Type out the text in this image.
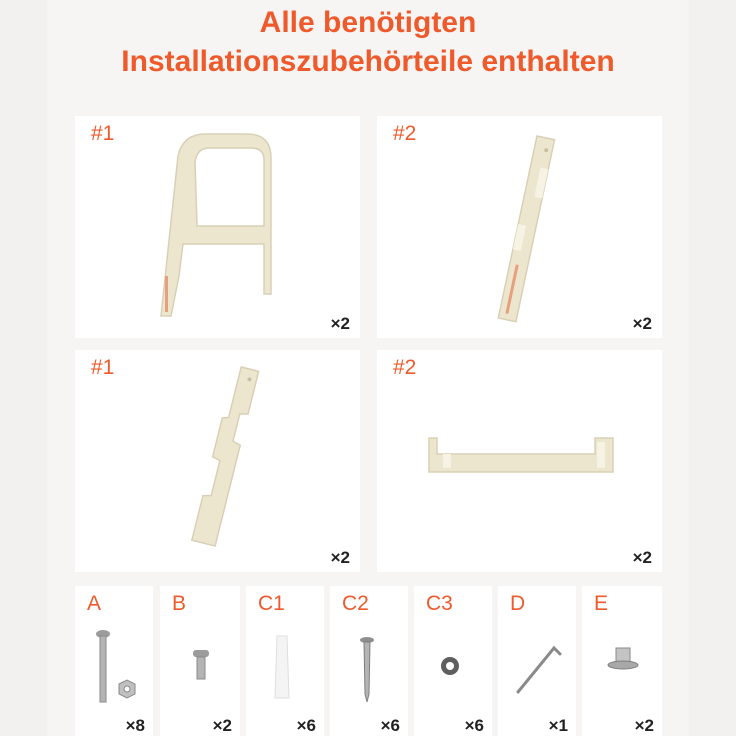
Alle benötigten
Installationszubehörteile enthalten
#1
×2
#2
×2
#1
×2
#2
×2
A
×8
B
×2
C1
×6
C2
×6
C3
×6
D
×1
E
×2
